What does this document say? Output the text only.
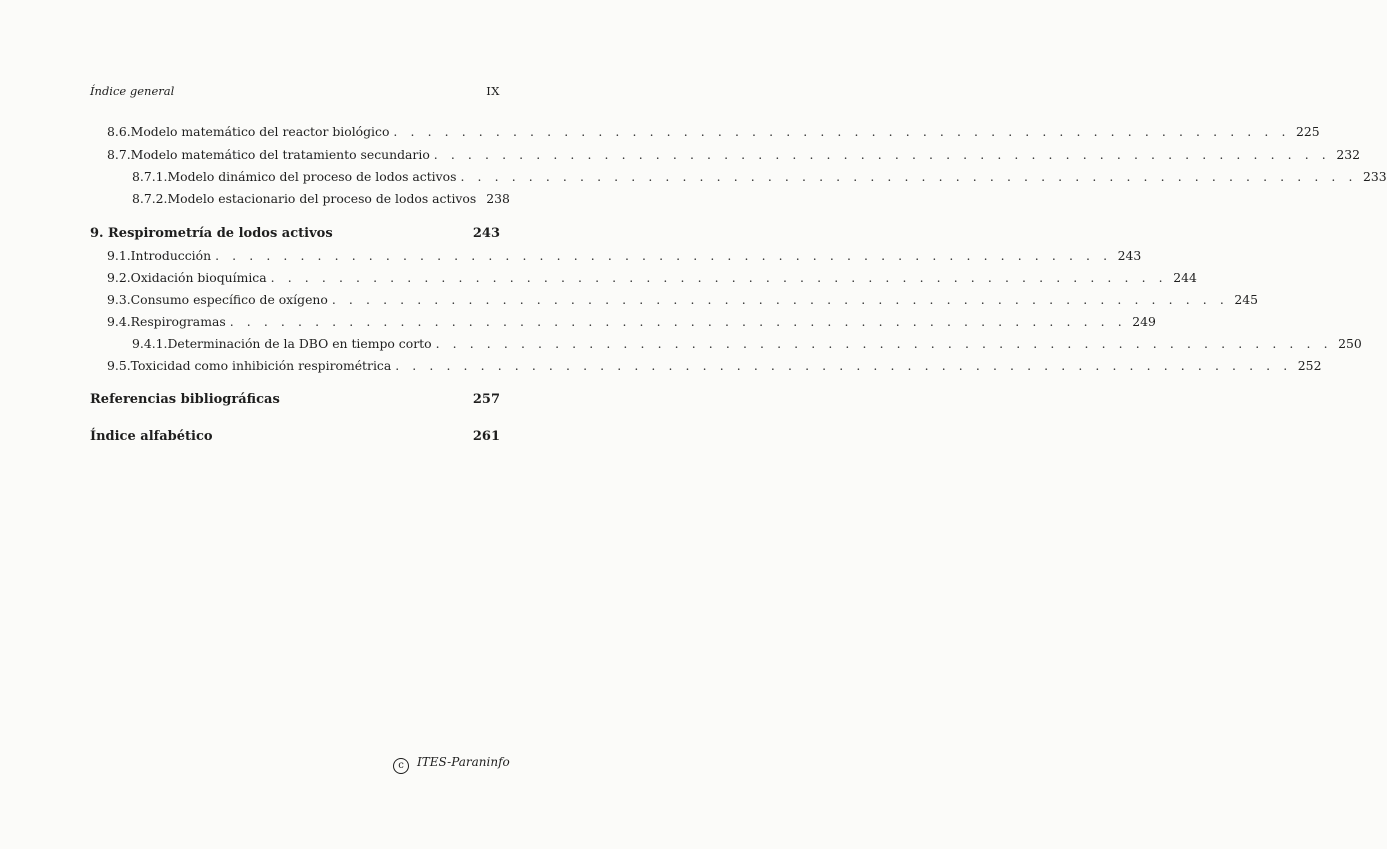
Índice general	IX
8.6. Modelo matemático del reactor biológico . . . . . . . . . . . . . . . . . . . . . . . . . . . . . . . . . . . . . . . . . . . . . . . . . . . . . 225
8.7. Modelo matemático del tratamiento secundario . . . . . . . . . . . . . . . . . . . . . . . . . . . . . . . . . . . . . . . . . . . . . . . . . . . . . 232
8.7.1. Modelo dinámico del proceso de lodos activos . . . . . . . . . . . . . . . . . . . . . . . . . . . . . . . . . . . . . . . . . . . . . . . . . . . . . 233
8.7.2. Modelo estacionario del proceso de lodos activos 238
9. Respirometría de lodos activos	243
9.1. Introducción . . . . . . . . . . . . . . . . . . . . . . . . . . . . . . . . . . . . . . . . . . . . . . . . . . . . . 243
9.2. Oxidación bioquímica . . . . . . . . . . . . . . . . . . . . . . . . . . . . . . . . . . . . . . . . . . . . . . . . . . . . . 244
9.3. Consumo específico de oxígeno . . . . . . . . . . . . . . . . . . . . . . . . . . . . . . . . . . . . . . . . . . . . . . . . . . . . . 245
9.4. Respirogramas . . . . . . . . . . . . . . . . . . . . . . . . . . . . . . . . . . . . . . . . . . . . . . . . . . . . . 249
9.4.1. Determinación de la DBO en tiempo corto . . . . . . . . . . . . . . . . . . . . . . . . . . . . . . . . . . . . . . . . . . . . . . . . . . . . . 250
9.5. Toxicidad como inhibición respirométrica . . . . . . . . . . . . . . . . . . . . . . . . . . . . . . . . . . . . . . . . . . . . . . . . . . . . . 252
Referencias bibliográficas	257
Índice alfabético	261
c ITES-Paraninfo
